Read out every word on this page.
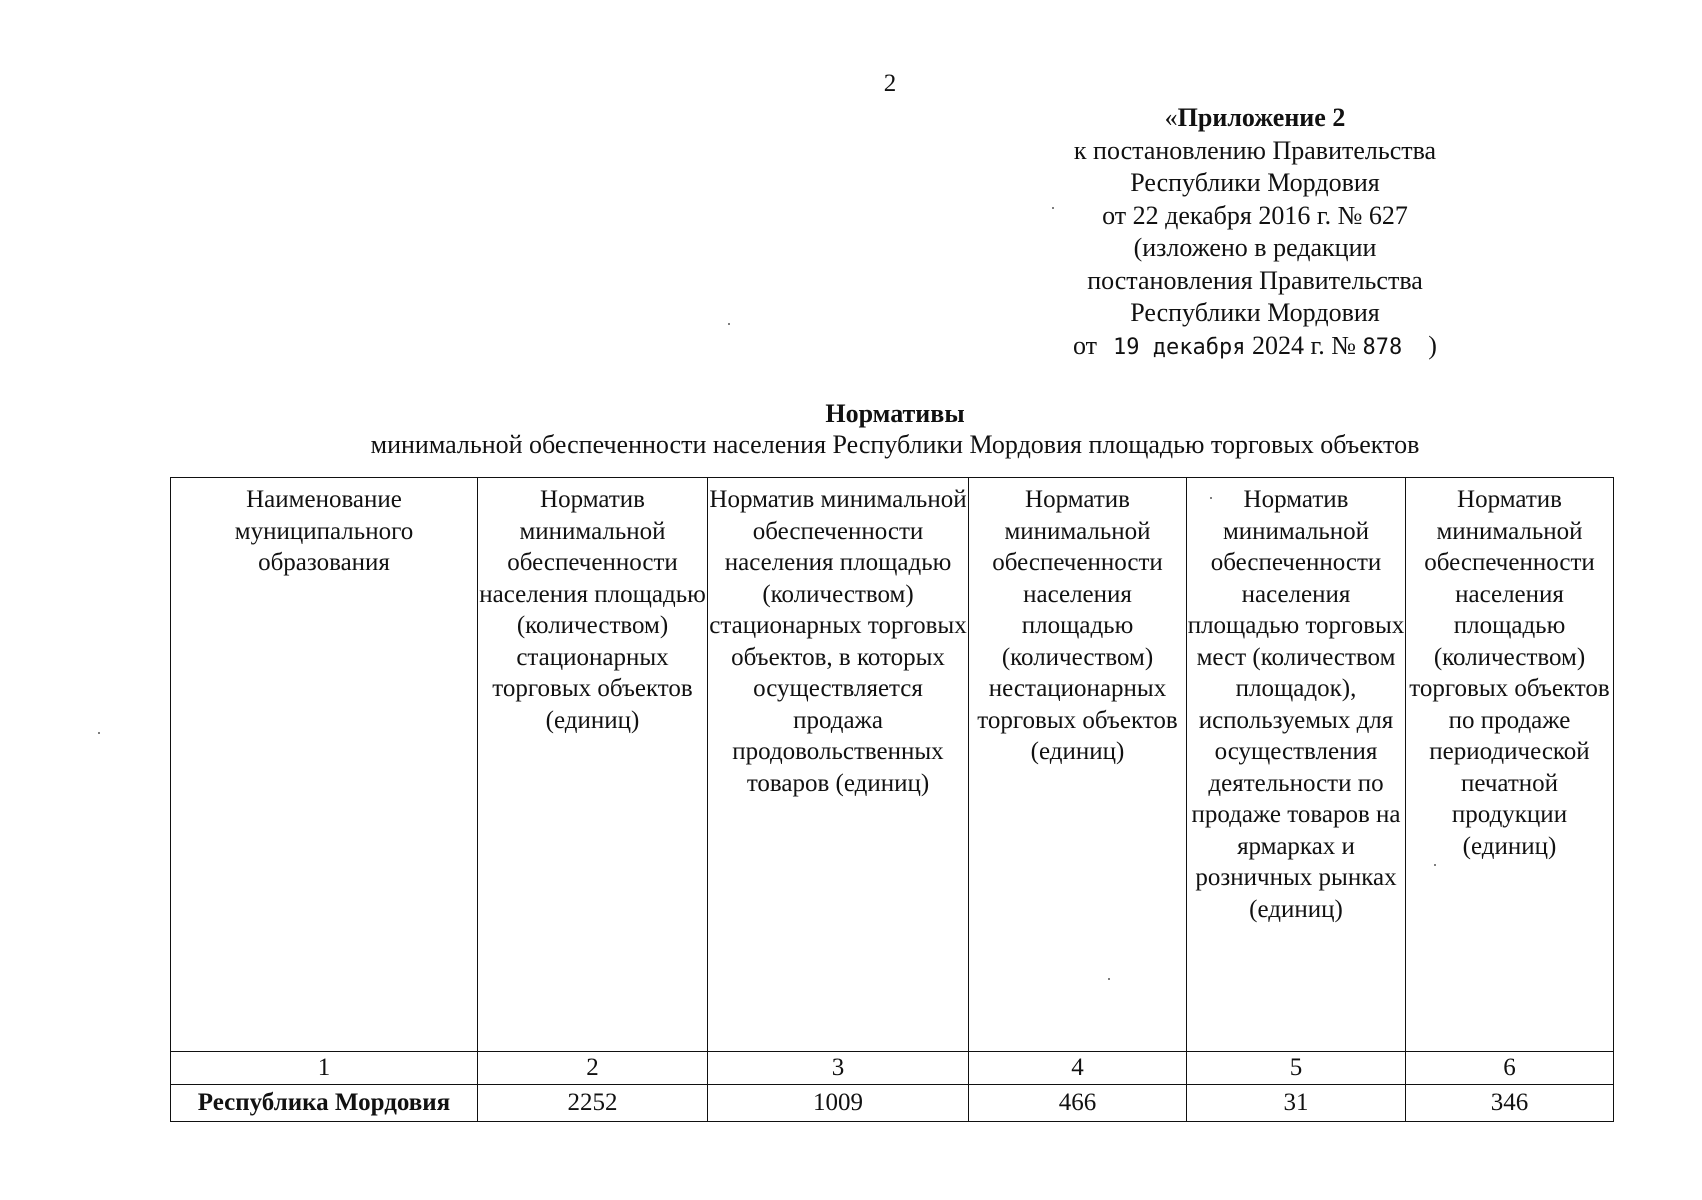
2
«Приложение 2
к постановлению Правительства
Республики Мордовия
от 22 декабря 2016 г. № 627
(изложено в редакции
постановления Правительства
Республики Мордовия
от 19 декабря 2024 г. № 878 )
Нормативы
минимальной обеспеченности населения Республики Мордовия площадью торговых объектов
Наименование муниципального образования	Норматив минимальной обеспеченности населения площадью (количеством) стационарных торговых объектов (единиц)	Норматив минимальной обеспеченности населения площадью (количеством) стационарных торговых объектов, в которых осуществляется продажа продовольственных товаров (единиц)	Норматив минимальной обеспеченности населения площадью (количеством) нестационарных торговых объектов (единиц)	Норматив минимальной обеспеченности населения площадью торговых мест (количеством площадок), используемых для осуществления деятельности по продаже товаров на ярмарках и розничных рынках (единиц)	Норматив минимальной обеспеченности населения площадью (количеством) торговых объектов по продаже периодической печатной продукции (единиц)
1	2	3	4	5	6
Республика Мордовия	2252	1009	466	31	346
